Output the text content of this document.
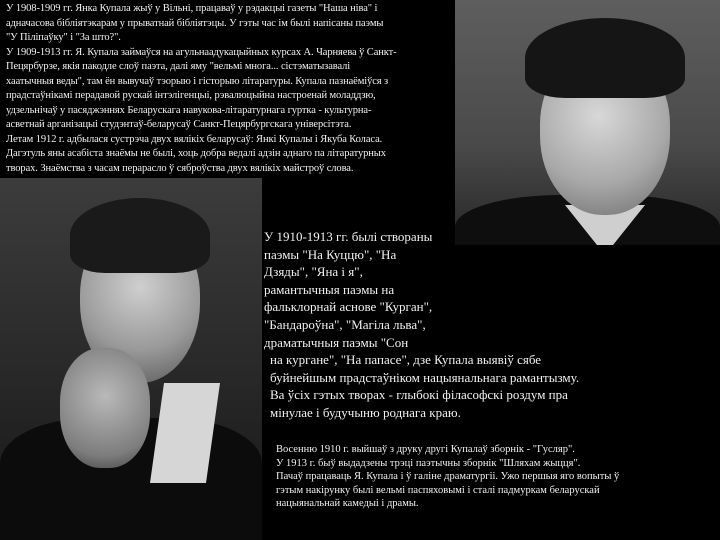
У 1908-1909 гг. Янка Купала жыў у Вільні, працаваў у рэдакцыі газеты "Наша ніва" і
адначасова бібліятэкарам у прыватнай бібліятэцы. У гэты час ім былі напісаны паэмы
"У Піліпаўку" і "За што?".
У 1909-1913 гг. Я. Купала займаўся на агульнаадукацыйных курсах А. Чарняева ў Санкт-
Пецярбурзе, якія пакодле слоў паэта, далі яму "вельмі многа... сістэматызавалі
хаатычныя веды", там ён вывучаў тэорыю і гісторыю літаратуры. Купала пазнаёміўся з
прадстаўнікамі перадавой рускай інтэлігенцыі, рэвалюцыйна настроенай моладдзю,
удзельнічаў у пасяджэннях Беларускага навукова-літаратурнага гуртка - культурна-
асветнай арганізацыі студэнтаў-беларусаў Санкт-Пецярбургскага універсітэта.
Летам 1912 г. адбылася сустрэча двух вялікіх беларусаў: Янкі Купалы і Якуба Коласа.
Дагэтуль яны асабіста знаёмы не былі, хоць добра ведалі адзін аднаго па літаратурных
творах. Знаёмства з часам перарасло ў сяброўства двух вялікіх майстроў слова.
У 1910-1913 гг. былі створаны
паэмы "На Куццю", "На
Дзяды", "Яна і я",
рамантычныя паэмы на
фальклорнай аснове "Курган",
"Бандароўна", "Магіла льва",
драматычныя паэмы "Сон
на кургане", "На папасе", дзе Купала выявіў сябе
буйнейшым прадстаўніком нацыянальнага рамантызму.
Ва ўсіх гэтых творах - глыбокі філасофскі роздум пра
мінулае і будучыню роднага краю.
Восенню 1910 г. выйшаў з друку другі Купалаў зборнік - "Гусляр".
У 1913 г. быў выдадзены трэці паэтычны зборнік "Шляхам жыцця".
Пачаў працаваць Я. Купала і ў галіне драматургіі. Ужо першыя яго вопыты ў
гэтым накірунку былі вельмі паспяховымі і сталі падмуркам беларускай
нацыянальнай камедыі і драмы.
